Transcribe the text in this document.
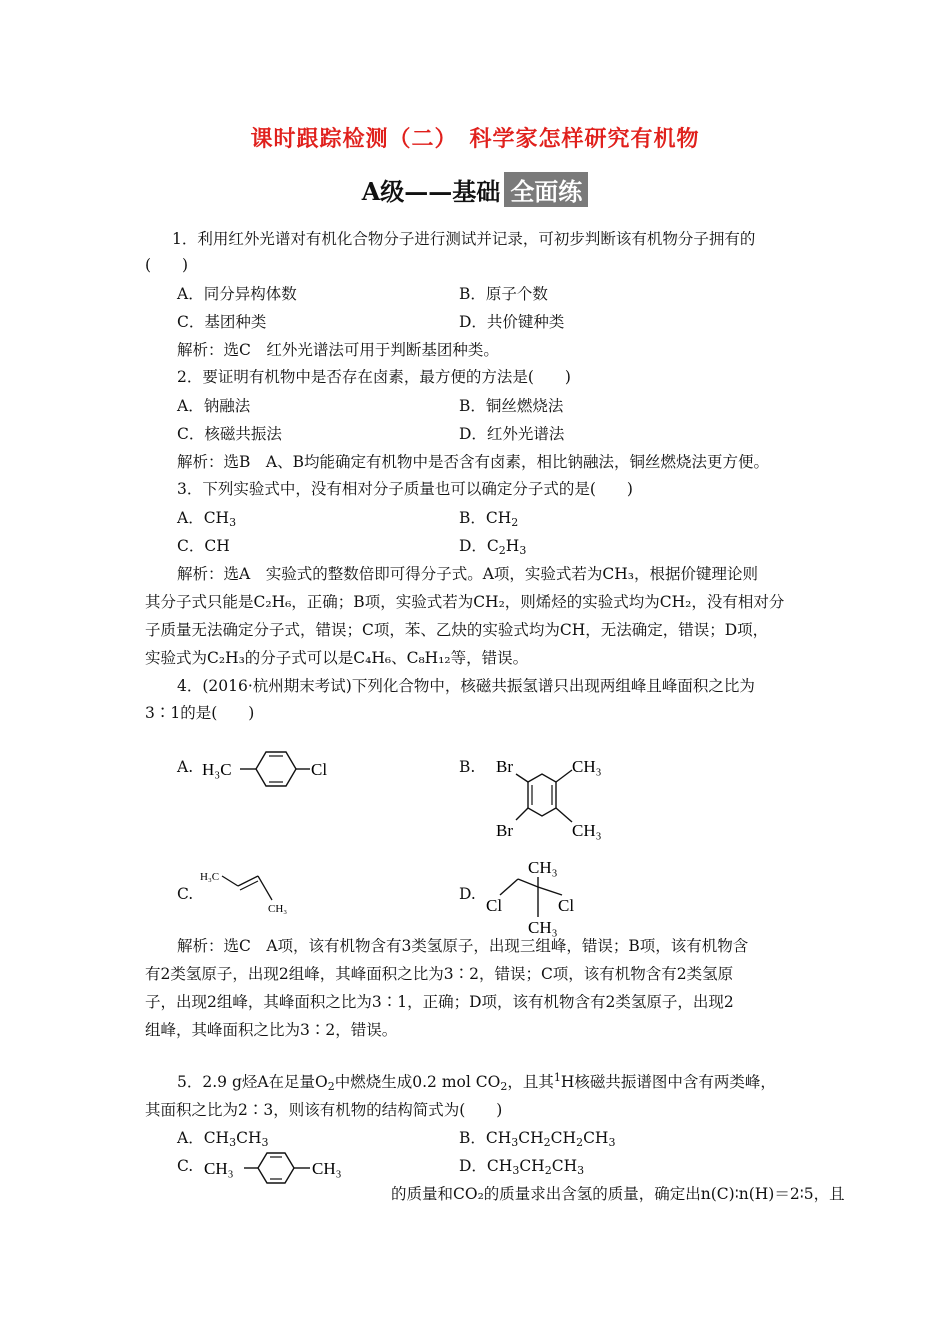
课时跟踪检测（二）　科学家怎样研究有机物
A级——基础 全面练
1．利用红外光谱对有机化合物分子进行测试并记录，可初步判断该有机物分子拥有的
(　　)
A．同分异构体数	B．原子个数
C．基团种类	D．共价键种类
解析：选C　红外光谱法可用于判断基团种类。
2．要证明有机物中是否存在卤素，最方便的方法是(　　)
A．钠融法	B．铜丝燃烧法
C．核磁共振法	D．红外光谱法
解析：选B　A、B均能确定有机物中是否含有卤素，相比钠融法，铜丝燃烧法更方便。
3．下列实验式中，没有相对分子质量也可以确定分子式的是(　　)
A．CH3	B．CH2
C．CH	D．C2H3
解析：选A　实验式的整数倍即可得分子式。A项，实验式若为CH₃，根据价键理论则
其分子式只能是C₂H₆，正确；B项，实验式若为CH₂，则烯烃的实验式均为CH₂，没有相对分
子质量无法确定分子式，错误；C项，苯、乙炔的实验式均为CH，无法确定，错误；D项，
实验式为C₂H₃的分子式可以是C₄H₆、C₈H₁₂等，错误。
4．(2016·杭州期末考试)下列化合物中，核磁共振氢谱只出现两组峰且峰面积之比为
3∶1的是(　　)
A. H₃C	Cl	B. Br
Br
CH₃
CH₃
C.
H₃C
CH₃
D.
CH₃
CH₃
Cl	Cl
解析：选C　A项，该有机物含有3类氢原子，出现三组峰，错误；B项，该有机物含
有2类氢原子，出现2组峰，其峰面积之比为3∶2，错误；C项，该有机物含有2类氢原
子，出现2组峰，其峰面积之比为3∶1，正确；D项，该有机物含有2类氢原子，出现2
组峰，其峰面积之比为3∶2，错误。
5．2.9 g烃A在足量O2中燃烧生成0.2 mol CO2，且其$^1$H核磁共振谱图中含有两类峰，
其面积之比为2∶3，则该有机物的结构简式为(　　)
A．CH3CH3	B．CH3CH2CH2CH3
C. CH₃	CH₃	D．CH3CH2CH3
的质量和CO₂的质量求出含氢的质量，确定出n(C)∶n(H)＝2∶5，且
